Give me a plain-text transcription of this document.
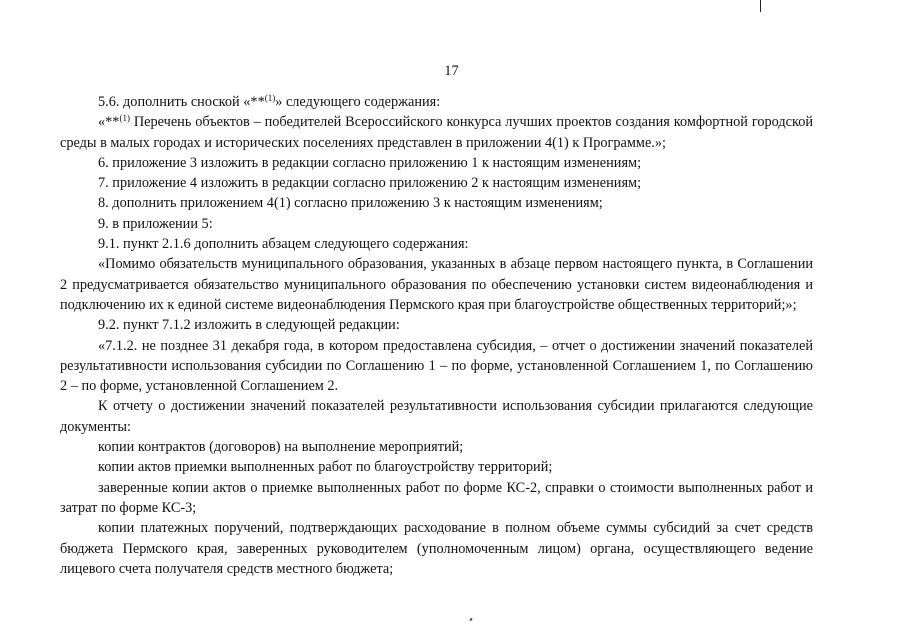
17

5.6. дополнить сноской «**$^{(1)}$» следующего содержания:

«**$^{(1)}$ Перечень объектов – победителей Всероссийского конкурса лучших проектов создания комфортной городской среды в малых городах и исторических поселениях представлен в приложении 4(1) к Программе.»;

6. приложение 3 изложить в редакции согласно приложению 1 к настоящим изменениям;

7. приложение 4 изложить в редакции согласно приложению 2 к настоящим изменениям;

8. дополнить приложением 4(1) согласно приложению 3 к настоящим изменениям;

9. в приложении 5:

9.1. пункт 2.1.6 дополнить абзацем следующего содержания:

«Помимо обязательств муниципального образования, указанных в абзаце первом настоящего пункта, в Соглашении 2 предусматривается обязательство муниципального образования по обеспечению установки систем видеонаблюдения и подключению их к единой системе видеонаблюдения Пермского края при благоустройстве общественных территорий;»;

9.2. пункт 7.1.2 изложить в следующей редакции:

«7.1.2. не позднее 31 декабря года, в котором предоставлена субсидия, – отчет о достижении значений показателей результативности использования субсидии по Соглашению 1 – по форме, установленной Соглашением 1, по Соглашению 2 – по форме, установленной Соглашением 2.

К отчету о достижении значений показателей результативности использования субсидии прилагаются следующие документы:

копии контрактов (договоров) на выполнение мероприятий;

копии актов приемки выполненных работ по благоустройству территорий;

заверенные копии актов о приемке выполненных работ по форме КС-2, справки о стоимости выполненных работ и затрат по форме КС-3;

копии платежных поручений, подтверждающих расходование в полном объеме суммы субсидий за счет средств бюджета Пермского края, заверенных руководителем (уполномоченным лицом) органа, осуществляющего ведение лицевого счета получателя средств местного бюджета;
